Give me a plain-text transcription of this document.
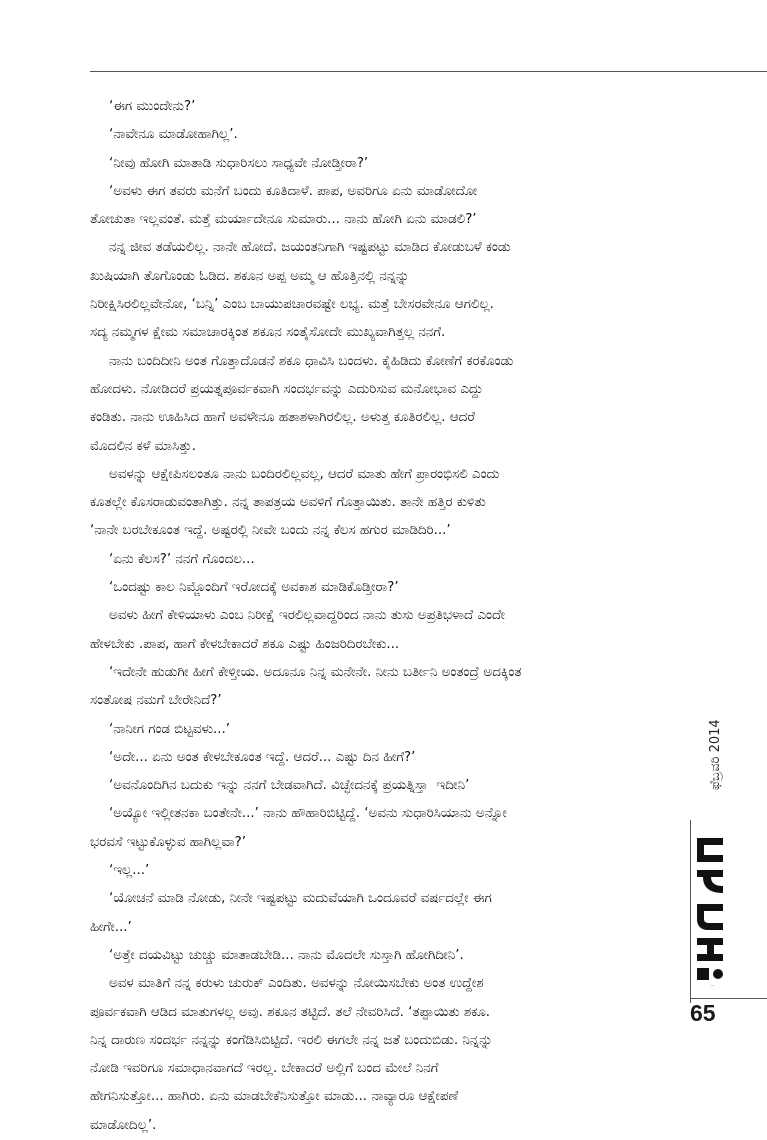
‘ಈಗ ಮುಂದೇನು?’

‘ನಾವೇನೂ ಮಾಡೋಹಾಗಿಲ್ಲ’.

‘ನೀವು ಹೋಗಿ ಮಾತಾಡಿ ಸುಧಾರಿಸಲು ಸಾಧ್ಯವೇ ನೋಡ್ತೀರಾ?’

‘ಅವಳು ಈಗ ತವರು ಮನೆಗೆ ಬಂದು ಕೂತಿದಾಳೆ. ಪಾಪ, ಅವರಿಗೂ ಏನು ಮಾಡೋದೋ
ತೋಚುತಾ ಇಲ್ಲವಂತೆ. ಮತ್ತೆ ಮರ್ಯಾದೇನೂ ಸುಮಾರು... ನಾನು ಹೋಗಿ ಏನು ಮಾಡಲಿ?’

ನನ್ನ ಜೀವ ತಡೆಯಲಿಲ್ಲ. ನಾನೇ ಹೋದೆ. ಜಯಂತನಿಗಾಗಿ ಇಷ್ಟಪಟ್ಟು ಮಾಡಿದ ಕೋಡುಬಳೆ ಕಂಡು
ಖುಷಿಯಾಗಿ ತೊಗೊಂಡು ಓಡಿದ. ಶಕೂನ ಅಪ್ಪ ಅಮ್ಮ ಆ ಹೊತ್ತಿನಲ್ಲಿ ನನ್ನನ್ನು
ನಿರೀಕ್ಷಿಸಿರಲಿಲ್ಲವೇನೋ, ‘ಬನ್ನಿ’ ಎಂಬ ಬಾಯುಪಚಾರವಷ್ಟೇ ಲಭ್ಯ. ಮತ್ತೆ ಬೇಸರವೇನೂ ಆಗಲಿಲ್ಲ.
ಸದ್ಯ ನಮ್ಮಗಳ ಕ್ಷೇಮ ಸಮಾಚಾರಕ್ಕಿಂತ ಶಕೂನ ಸಂತೈಸೋದೇ ಮುಖ್ಯವಾಗಿತ್ತಲ್ಲ ನನಗೆ.

ನಾನು ಬಂದಿದೀನಿ ಅಂತ ಗೊತ್ತಾದೊಡನೆ ಶಕೂ ಧಾವಿಸಿ ಬಂದಳು. ಕೈಹಿಡಿದು ಕೋಣೆಗೆ ಕರಕೊಂಡು
ಹೋದಳು. ನೋಡಿದರೆ ಪ್ರಯತ್ನಪೂರ್ವಕವಾಗಿ ಸಂದರ್ಭವನ್ನು ಎದುರಿಸುವ ಮನೋಭಾವ ಎದ್ದು
ಕಂಡಿತು. ನಾನು ಊಹಿಸಿದ ಹಾಗೆ ಅವಳೇನೂ ಹತಾಶಳಾಗಿರಲಿಲ್ಲ. ಅಳುತ್ತ ಕೂತಿರಲಿಲ್ಲ. ಆದರೆ
ಮೊದಲಿನ ಕಳೆ ಮಾಸಿತ್ತು.

ಅವಳನ್ನು ಆಕ್ಷೇಪಿಸಲಂತೂ ನಾನು ಬಂದಿರಲಿಲ್ಲವಲ್ಲ, ಆದರೆ ಮಾತು ಹೇಗೆ ಪ್ರಾರಂಭಿಸಲಿ ಎಂದು
ಕೂತಲ್ಲೇ ಕೊಸರಾಡುವಂತಾಗಿತ್ತು. ನನ್ನ ತಾಪತ್ರಯ ಅವಳಿಗೆ ಗೊತ್ತಾಯಿತು. ತಾನೇ ಹತ್ತಿರ ಕುಳಿತು
‘ನಾನೇ ಬರಬೇಕೂಂತ ಇದ್ದೆ. ಅಷ್ಟರಲ್ಲಿ ನೀವೇ ಬಂದು ನನ್ನ ಕೆಲಸ ಹಗುರ ಮಾಡಿದಿರಿ...’

‘ಏನು ಕೆಲಸ?’ ನನಗೆ ಗೊಂದಲ...

‘ಒಂದಷ್ಟು ಕಾಲ ನಿಮ್ಜೊಂದಿಗೆ ಇರೋದಕ್ಕೆ ಅವಕಾಶ ಮಾಡಿಕೊಡ್ತೀರಾ?’

ಅವಳು ಹೀಗೆ ಕೇಳಿಯಾಳು ಎಂಬ ನಿರೀಕ್ಷೆ ಇರಲಿಲ್ಲವಾದ್ದರಿಂದ ನಾನು ತುಸು ಅಪ್ರತಿಭಳಾದೆ ಎಂದೇ
ಹೇಳಬೇಕು .ಪಾಪ, ಹಾಗೆ ಕೇಳಬೇಕಾದರೆ ಶಕೂ ಎಷ್ಟು ಹಿಂಜರಿದಿರಬೇಕು...

‘ಇದೇನೇ ಹುಡುಗೀ ಹೀಗೆ ಕೇಳ್ತೀಯ. ಅದೂನೂ ನಿನ್ನ ಮನೇನೇ. ನೀನು ಬರ್ತೀನಿ ಅಂತಂದ್ರೆ ಅದಕ್ಕಿಂತ
ಸಂತೋಷ ನಮಗೆ ಬೇರೇನಿದೆ?’

‘ನಾನೀಗ ಗಂಡ ಬಿಟ್ಟವಳು...’

‘ಅದೇ... ಏನು ಅಂತ ಕೇಳಬೇಕೂಂತ ಇದ್ದೆ. ಆದರೆ... ಎಷ್ಟು ದಿನ ಹೀಗೆ?’

‘ಅವನೊಂದಿಗಿನ ಬದುಕು ಇನ್ನು ನನಗೆ ಬೇಡವಾಗಿದೆ. ವಿಚ್ಛೇದನಕ್ಕೆ ಪ್ರಯತ್ನಿಸ್ತಾ  ಇದೀನಿ’

‘ಅಯ್ಯೋ ಇಲ್ಲೀತನಕಾ ಬಂತೇನೇ...’ ನಾನು ಹೌಹಾರಿಬಿಟ್ಟಿದ್ದೆ. ‘ಅವನು ಸುಧಾರಿಸಿಯಾನು ಅನ್ನೋ
ಭರವಸೆ ಇಟ್ಟುಕೊಳ್ಳುವ ಹಾಗಿಲ್ಲವಾ?’

‘ಇಲ್ಲ...’

‘ಯೋಚನೆ ಮಾಡಿ ನೋಡು, ನೀನೇ ಇಷ್ಟಪಟ್ಟು ಮದುವೆಯಾಗಿ ಒಂದೂವರೆ ವರ್ಷದಲ್ಲೇ ಈಗ
ಹೀಗೇ...’

‘ಅತ್ತೇ ದಯವಿಟ್ಟು ಚುಚ್ಚು ಮಾತಾಡಬೇಡಿ... ನಾನು ಮೊದಲೇ ಸುಸ್ತಾಗಿ ಹೋಗಿದೀನಿ’.

ಅವಳ ಮಾತಿಗೆ ನನ್ನ ಕರುಳು ಚುರುಕ್ ಎಂದಿತು. ಅವಳನ್ನು ನೋಯಿಸಬೇಕು ಅಂತ ಉದ್ದೇಶ
ಪೂರ್ವಕವಾಗಿ ಆಡಿದ ಮಾತುಗಳಲ್ಲ ಅವು. ಶಕೂನ ತಟ್ಟಿದೆ. ತಲೆ ನೇವರಿಸಿದೆ. ‘ತಪ್ಪಾಯಿತು ಶಕೂ.
ನಿನ್ನ ದಾರುಣ ಸಂದರ್ಭ ನನ್ನನ್ನು ಕಂಗೆಡಿಸಿಬಿಟ್ಟಿದೆ. ಇರಲಿ ಈಗಲೇ ನನ್ನ ಜತೆ ಬಂದುಬಿಡು. ನಿನ್ನನ್ನು
ನೋಡಿ ಇವರಿಗೂ ಸಮಾಧಾನವಾಗದೆ ಇರಲ್ಲ. ಬೇಕಾದರೆ ಅಲ್ಲಿಗೆ ಬಂದ ಮೇಲೆ ನಿನಗೆ
ಹೇಗನಿಸುತ್ತೋ... ಹಾಗಿರು. ಏನು ಮಾಡಬೇಕೆನಿಸುತ್ತೋ ಮಾಡು... ನಾವ್ಯಾರೂ ಆಕ್ಷೇಪಣೆ
ಮಾಡೋದಿಲ್ಲ’.

ಫೆಬ್ರವರಿ 2014
ಮಯೂರ
65
